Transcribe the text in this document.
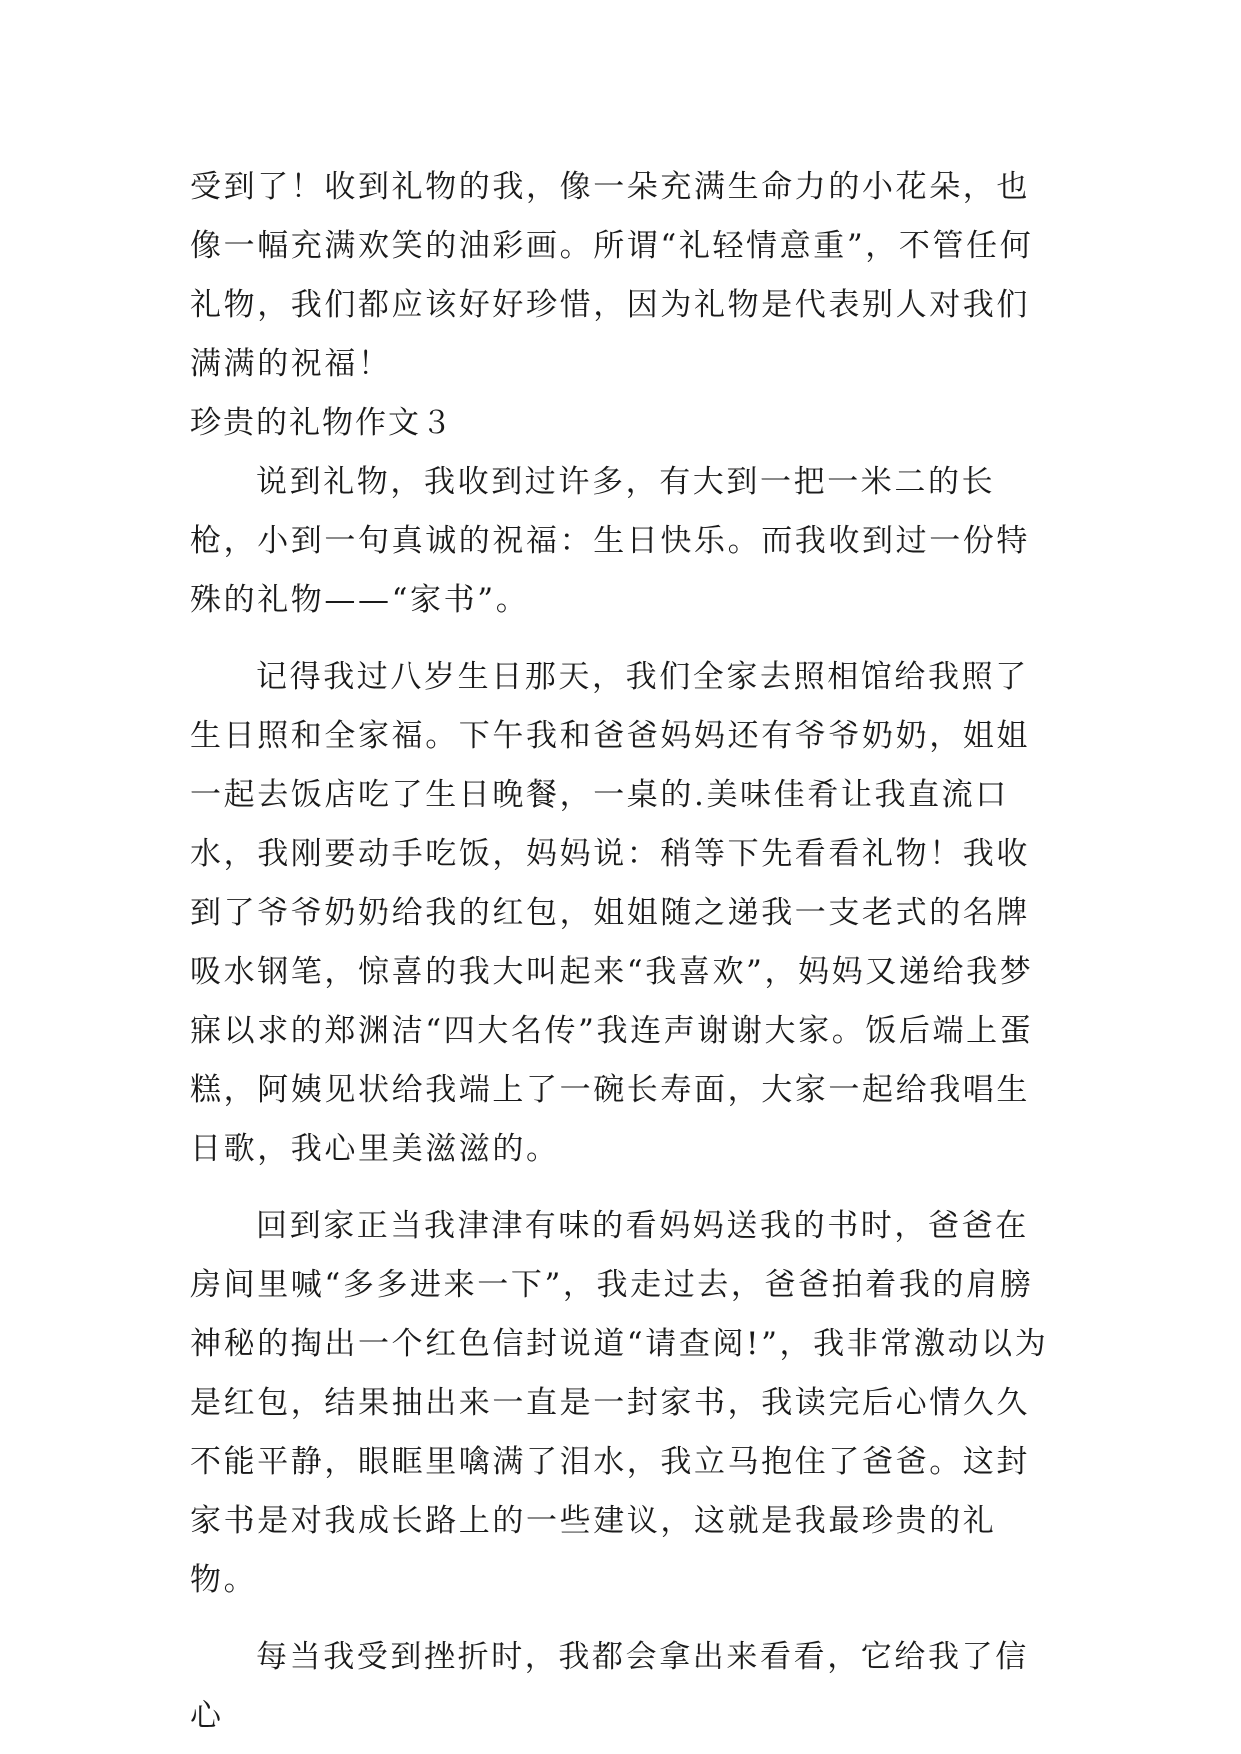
受到了！收到礼物的我，像一朵充满生命力的小花朵，也像一幅充满欢笑的油彩画。所谓“礼轻情意重”，不管任何礼物，我们都应该好好珍惜，因为礼物是代表别人对我们满满的祝福！

珍贵的礼物作文３

说到礼物，我收到过许多，有大到一把一米二的长枪，小到一句真诚的祝福：生日快乐。而我收到过一份特殊的礼物——“家书”。

记得我过八岁生日那天，我们全家去照相馆给我照了生日照和全家福。下午我和爸爸妈妈还有爷爷奶奶，姐姐一起去饭店吃了生日晚餐，一桌的.美味佳肴让我直流口水，我刚要动手吃饭，妈妈说：稍等下先看看礼物！我收到了爷爷奶奶给我的红包，姐姐随之递我一支老式的名牌吸水钢笔，惊喜的我大叫起来“我喜欢”，妈妈又递给我梦寐以求的郑渊洁“四大名传”我连声谢谢大家。饭后端上蛋糕，阿姨见状给我端上了一碗长寿面，大家一起给我唱生日歌，我心里美滋滋的。

回到家正当我津津有味的看妈妈送我的书时，爸爸在房间里喊“多多进来一下”，我走过去，爸爸拍着我的肩膀神秘的掏出一个红色信封说道“请查阅!”，我非常激动以为是红包，结果抽出来一直是一封家书，我读完后心情久久不能平静，眼眶里噙满了泪水，我立马抱住了爸爸。这封家书是对我成长路上的一些建议，这就是我最珍贵的礼物。

每当我受到挫折时，我都会拿出来看看，它给我了信心
